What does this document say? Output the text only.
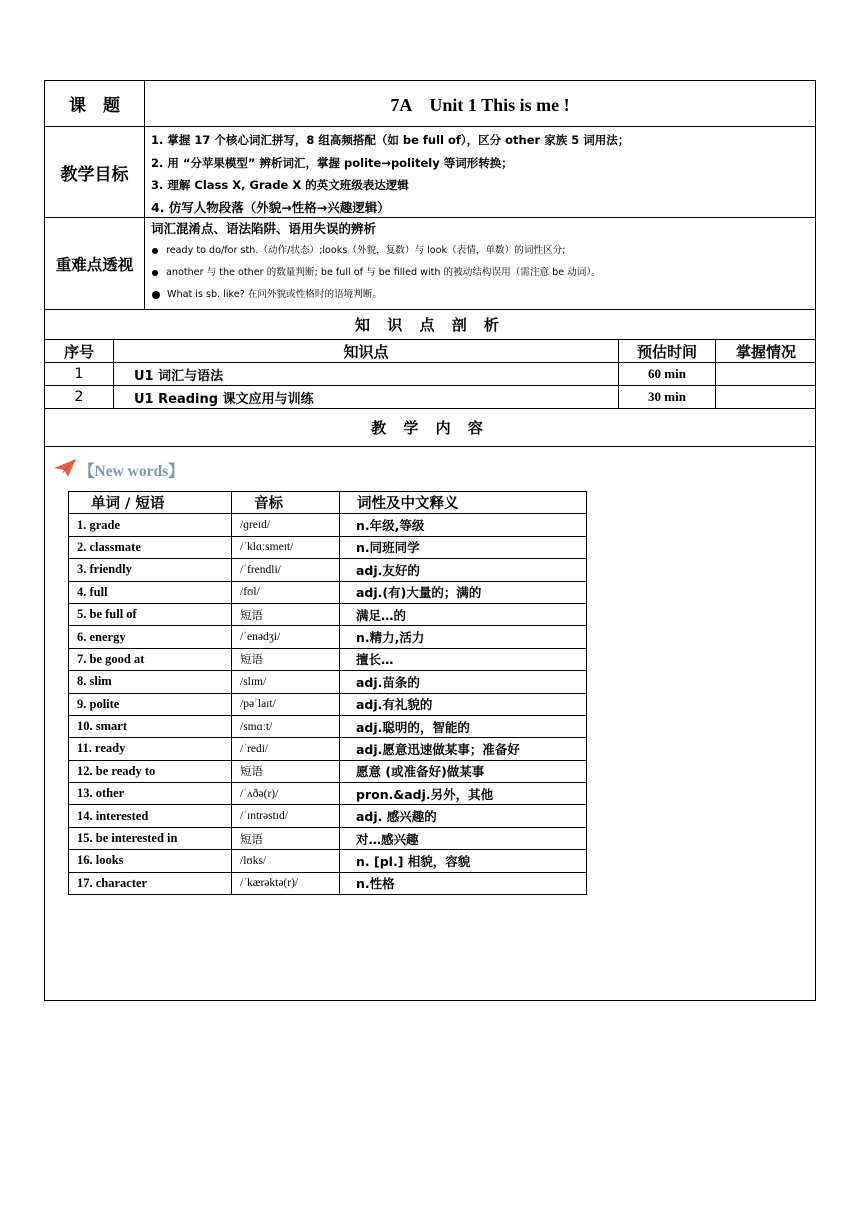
课　题	7A　Unit 1 This is me !
教学目标
1. 掌握 17 个核心词汇拼写，8 组高频搭配（如 be full of），区分 other 家族 5 词用法；
2. 用 “分苹果模型” 辨析词汇，掌握 polite→politely 等词形转换；
3. 理解 Class X, Grade X 的英文班级表达逻辑
4. 仿写人物段落（外貌→性格→兴趣逻辑）
重难点透视
词汇混淆点、语法陷阱、语用失误的辨析
ready to do/for sth.（动作/状态）;looks（外貌，复数）与 look（表情，单数）的词性区分;
another 与 the other 的数量判断; be full of 与 be filled with 的被动结构误用（需注意 be 动词）。
What is sb. like? 在问外貌或性格时的语境判断。
知 识 点 剖 析
序号	知识点	预估时间	掌握情况
1	U1 词汇与语法	60 min
2	U1 Reading 课文应用与训练	30 min
教 学 内 容
【New words】
单词 / 短语	音标	词性及中文释义
1. grade	/ɡreɪd/	n.年级,等级
2. classmate	/ˈklɑːsmeɪt/	n.同班同学
3. friendly	/ˈfrendli/	adj.友好的
4. full	/fʊl/	adj.(有)大量的；满的
5. be full of	短语	满足…的
6. energy	/ˈenədʒi/	n.精力,活力
7. be good at	短语	擅长…
8. slim	/slɪm/	adj.苗条的
9. polite	/pəˈlaɪt/	adj.有礼貌的
10. smart	/smɑːt/	adj.聪明的，智能的
11. ready	/ˈredi/	adj.愿意迅速做某事；准备好
12. be ready to	短语	愿意 (或准备好)做某事
13. other	/ˈʌðə(r)/	pron.&adj.另外，其他
14. interested	/ˈɪntrəstɪd/	adj. 感兴趣的
15. be interested in	短语	对…感兴趣
16. looks	/lʊks/	n. [pl.] 相貌，容貌
17. character	/ˈkærəktə(r)/	n.性格
